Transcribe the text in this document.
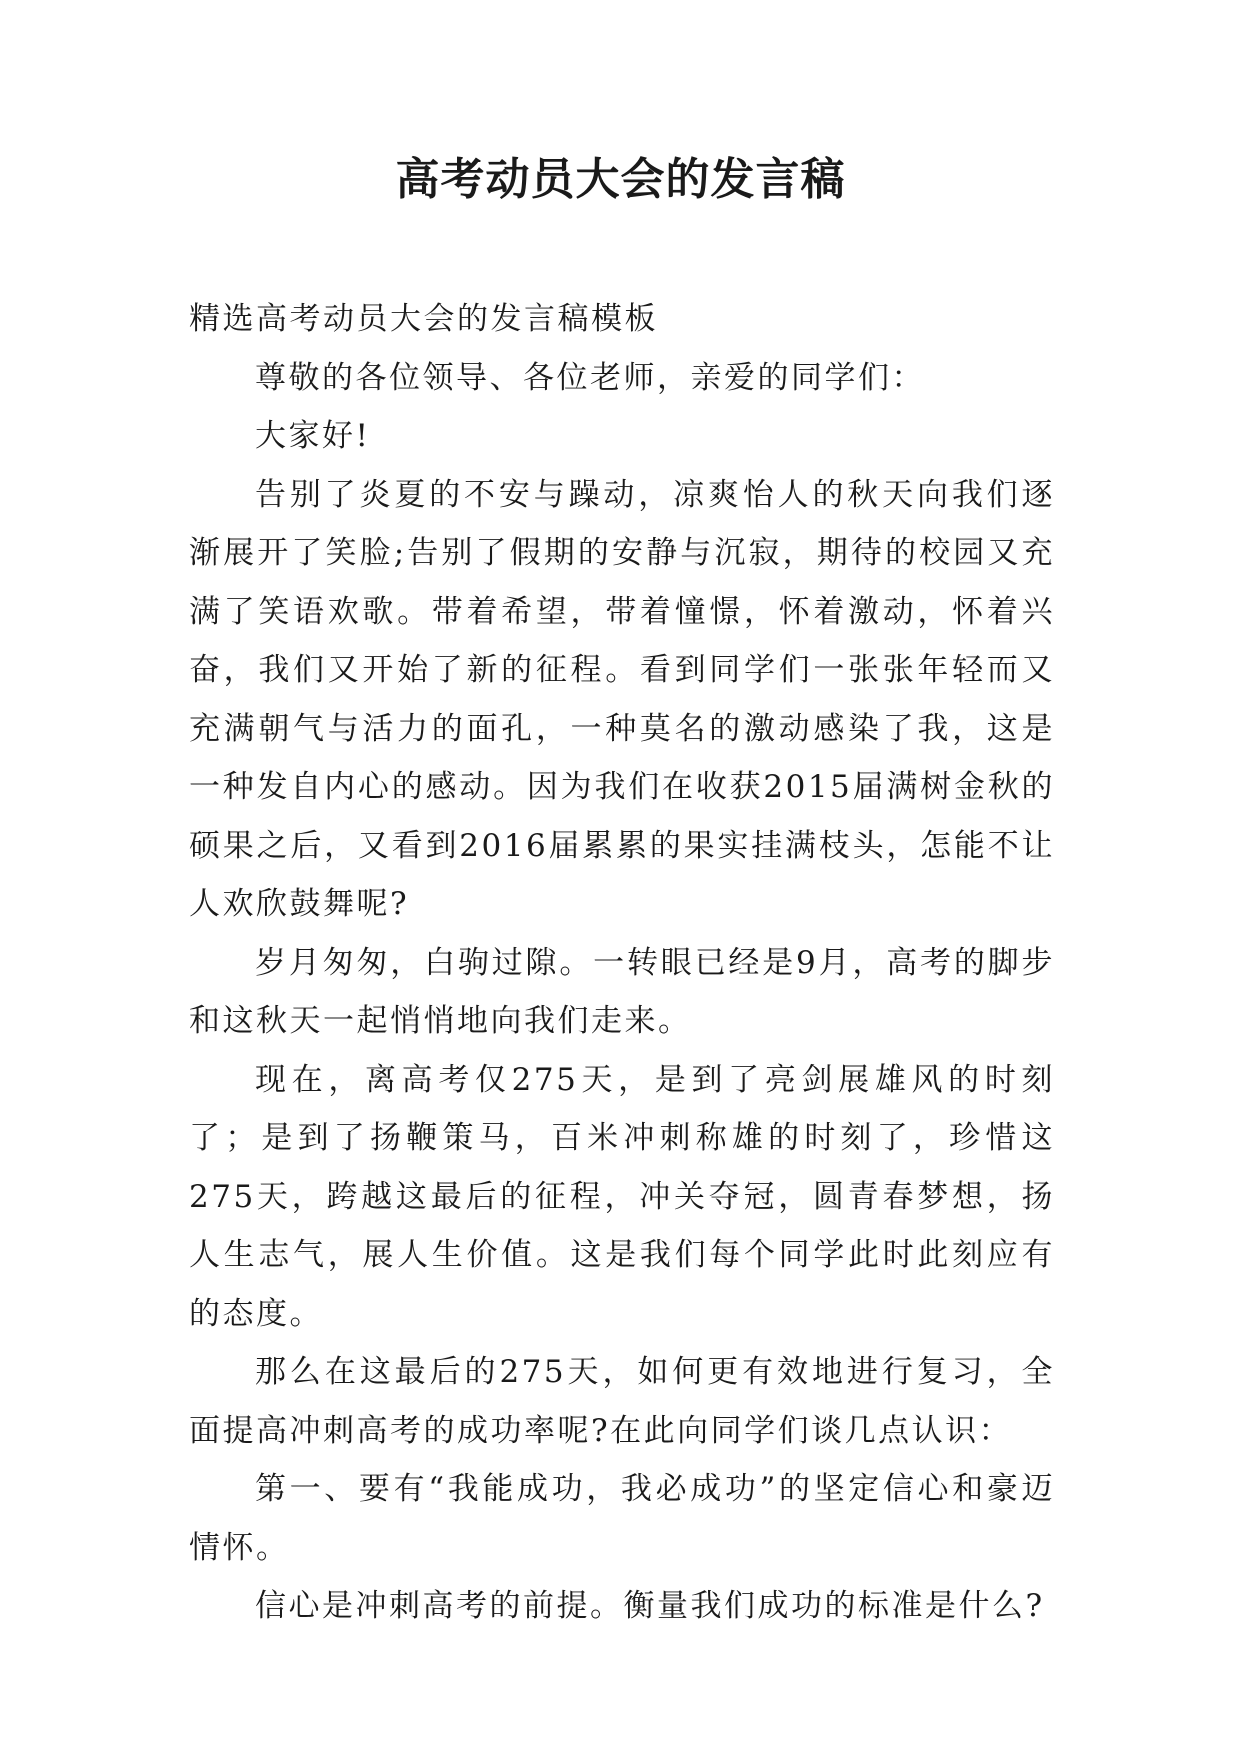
高考动员大会的发言稿

精选高考动员大会的发言稿模板

尊敬的各位领导、各位老师，亲爱的同学们：

大家好!

告别了炎夏的不安与躁动，凉爽怡人的秋天向我们逐渐展开了笑脸;告别了假期的安静与沉寂，期待的校园又充满了笑语欢歌。带着希望，带着憧憬，怀着激动，怀着兴奋，我们又开始了新的征程。看到同学们一张张年轻而又充满朝气与活力的面孔，一种莫名的激动感染了我，这是一种发自内心的感动。因为我们在收获2015届满树金秋的硕果之后，又看到2016届累累的果实挂满枝头，怎能不让人欢欣鼓舞呢?

岁月匆匆，白驹过隙。一转眼已经是9月，高考的脚步和这秋天一起悄悄地向我们走来。

现在，离高考仅275天，是到了亮剑展雄风的时刻了；是到了扬鞭策马，百米冲刺称雄的时刻了，珍惜这275天，跨越这最后的征程，冲关夺冠，圆青春梦想，扬人生志气，展人生价值。这是我们每个同学此时此刻应有的态度。

那么在这最后的275天，如何更有效地进行复习，全面提高冲刺高考的成功率呢?在此向同学们谈几点认识：

第一、要有“我能成功，我必成功”的坚定信心和豪迈情怀。

信心是冲刺高考的前提。衡量我们成功的标准是什么?
